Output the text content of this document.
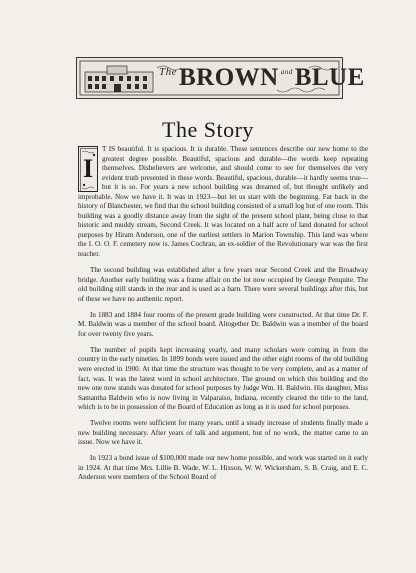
The BROWN and BLUE
The Story

I
T IS beautiful. It is spacious. It is durable. These sentences describe our new home to the greatest degree possible. Beautiful, spacious and durable—the words keep repeating themselves. Disbelievers are welcome, and should come to see for themselves the very evident truth presented in these words. Beautiful, spacious, durable—it hardly seems true—but it is so. For years a new school building was dreamed of, but thought unlikely and improbable. Now we have it. It was in 1923—but let us start with the beginning. Far back in the history of Blanchester, we find that the school building consisted of a small log hut of one room. This building was a goodly distance away from the sight of the present school plant, being close to that historic and muddy stream, Second Creek. It was located on a half acre of land donated for school purposes by Hiram Anderson, one of the earliest settlers in Marion Township. This land was where the I. O. O. F. cemetery now is. James Cochran, an ex-soldier of the Revolutionary war was the first teacher.

The second building was established after a few years near Second Creek and the Broadway bridge. Another early building was a frame affair on the lot now occupied by George Penquite. The old building still stands in the rear and is used as a barn. There were several buildings after this, but of these we have no authentic report.

In 1883 and 1884 four rooms of the present grade building were constructed. At that time Dr. F. M. Baldwin was a member of the school board. Altogether Dr. Baldwin was a member of the board for over twenty five years.

The number of pupils kept increasing yearly, and many scholars were coming in from the country in the early nineties. In 1899 bonds were issued and the other eight rooms of the old building were erected in 1900. At that time the structure was thought to be very complete, and as a matter of fact, was. It was the latest word in school architecture. The ground on which this building and the new one now stands was donated for school purposes by Judge Wm. H. Baldwin. His daughter, Miss Samantha Baldwin who is now living in Valparaiso, Indiana, recently cleared the title to the land, which is to be in possession of the Board of Education as long as it is used for school purposes.

Twelve rooms were sufficient for many years, until a steady increase of students finally made a new building necessary. After years of talk and argument, but of no work, the matter came to an issue. Now we have it.

In 1923 a bond issue of $100,000 made our new home possible, and work was started on it early in 1924. At that time Mrs. Lillie B. Wade, W. L. Hixson, W. W. Wickersham, S. B. Craig, and E. C. Anderson were members of the School Board of
